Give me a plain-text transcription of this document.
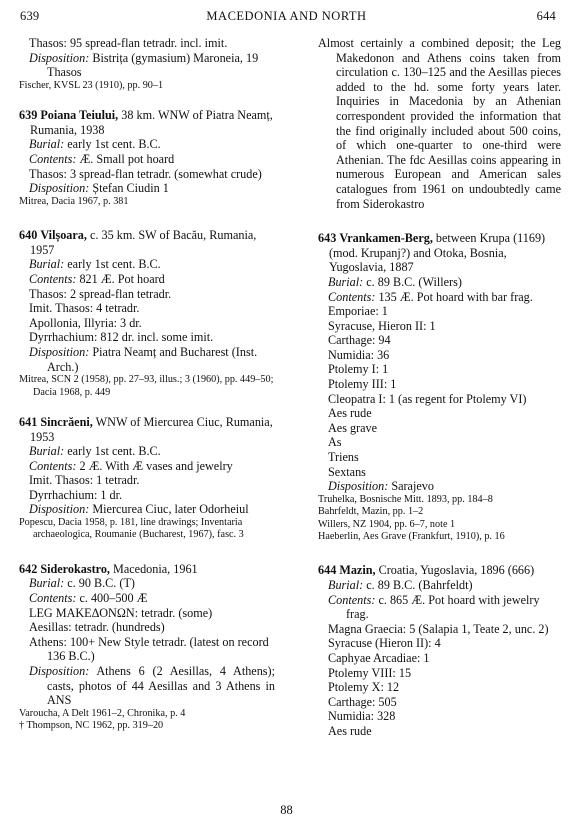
639	MACEDONIA AND NORTH	644

Thasos: 95 spread-flan tetradr. incl. imit.

Disposition: Bistrița (gymasium) Maroneia, 19 Thasos

Fischer, KVSL 23 (1910), pp. 90–1

639 Poiana Teiului, 38 km. WNW of Piatra Neamț, Rumania, 1938

Burial: early 1st cent. B.C.

Contents: Æ. Small pot hoard

Thasos: 3 spread-flan tetradr. (somewhat crude)

Disposition: Ștefan Ciudin 1

Mitrea, Dacia 1967, p. 381

640 Vilșoara, c. 35 km. SW of Bacău, Rumania, 1957

Burial: early 1st cent. B.C.

Contents: 821 Æ. Pot hoard

Thasos: 2 spread-flan tetradr.

Imit. Thasos: 4 tetradr.

Apollonia, Illyria: 3 dr.

Dyrrhachium: 812 dr. incl. some imit.

Disposition: Piatra Neamț and Bucharest (Inst. Arch.)

Mitrea, SCN 2 (1958), pp. 27–93, illus.; 3 (1960), pp. 449–50; Dacia 1968, p. 449

641 Sincrăeni, WNW of Miercurea Ciuc, Rumania, 1953

Burial: early 1st cent. B.C.

Contents: 2 Æ. With Æ vases and jewelry

Imit. Thasos: 1 tetradr.

Dyrrhachium: 1 dr.

Disposition: Miercurea Ciuc, later Odorheiul

Popescu, Dacia 1958, p. 181, line drawings; Inventaria archaeologica, Roumanie (Bucharest, 1967), fasc. 3

642 Siderokastro, Macedonia, 1961

Burial: c. 90 B.C. (T)

Contents: c. 400–500 Æ

LEG ΜΑΚΕΔΟΝΩΝ: tetradr. (some)

Aesillas: tetradr. (hundreds)

Athens: 100+ New Style tetradr. (latest on record 136 B.C.)

Disposition: Athens 6 (2 Aesillas, 4 Athens); casts, photos of 44 Aesillas and 3 Athens in ANS

Varoucha, A Delt 1961–2, Chronika, p. 4

† Thompson, NC 1962, pp. 319–20

Almost certainly a combined deposit; the Leg Makedonon and Athens coins taken from circulation c. 130–125 and the Aesillas pieces added to the hd. some forty years later. Inquiries in Macedonia by an Athenian correspondent provided the information that the find originally included about 500 coins, of which one-quarter to one-third were Athenian. The fdc Aesillas coins appearing in numerous European and American sales catalogues from 1961 on undoubtedly came from Siderokastro

643 Vrankamen-Berg, between Krupa (1169) (mod. Krupanj?) and Otoka, Bosnia, Yugoslavia, 1887

Burial: c. 89 B.C. (Willers)

Contents: 135 Æ. Pot hoard with bar frag.

Emporiae: 1

Syracuse, Hieron II: 1

Carthage: 94

Numidia: 36

Ptolemy I: 1

Ptolemy III: 1

Cleopatra I: 1 (as regent for Ptolemy VI)

Aes rude

Aes grave

As

Triens

Sextans

Disposition: Sarajevo

Truhelka, Bosnische Mitt. 1893, pp. 184–8

Bahrfeldt, Mazin, pp. 1–2

Willers, NZ 1904, pp. 6–7, note 1

Haeberlin, Aes Grave (Frankfurt, 1910), p. 16

644 Mazin, Croatia, Yugoslavia, 1896 (666)

Burial: c. 89 B.C. (Bahrfeldt)

Contents: c. 865 Æ. Pot hoard with jewelry frag.

Magna Graecia: 5 (Salapia 1, Teate 2, unc. 2)

Syracuse (Hieron II): 4

Caphyae Arcadiae: 1

Ptolemy VIII: 15

Ptolemy X: 12

Carthage: 505

Numidia: 328

Aes rude

88
